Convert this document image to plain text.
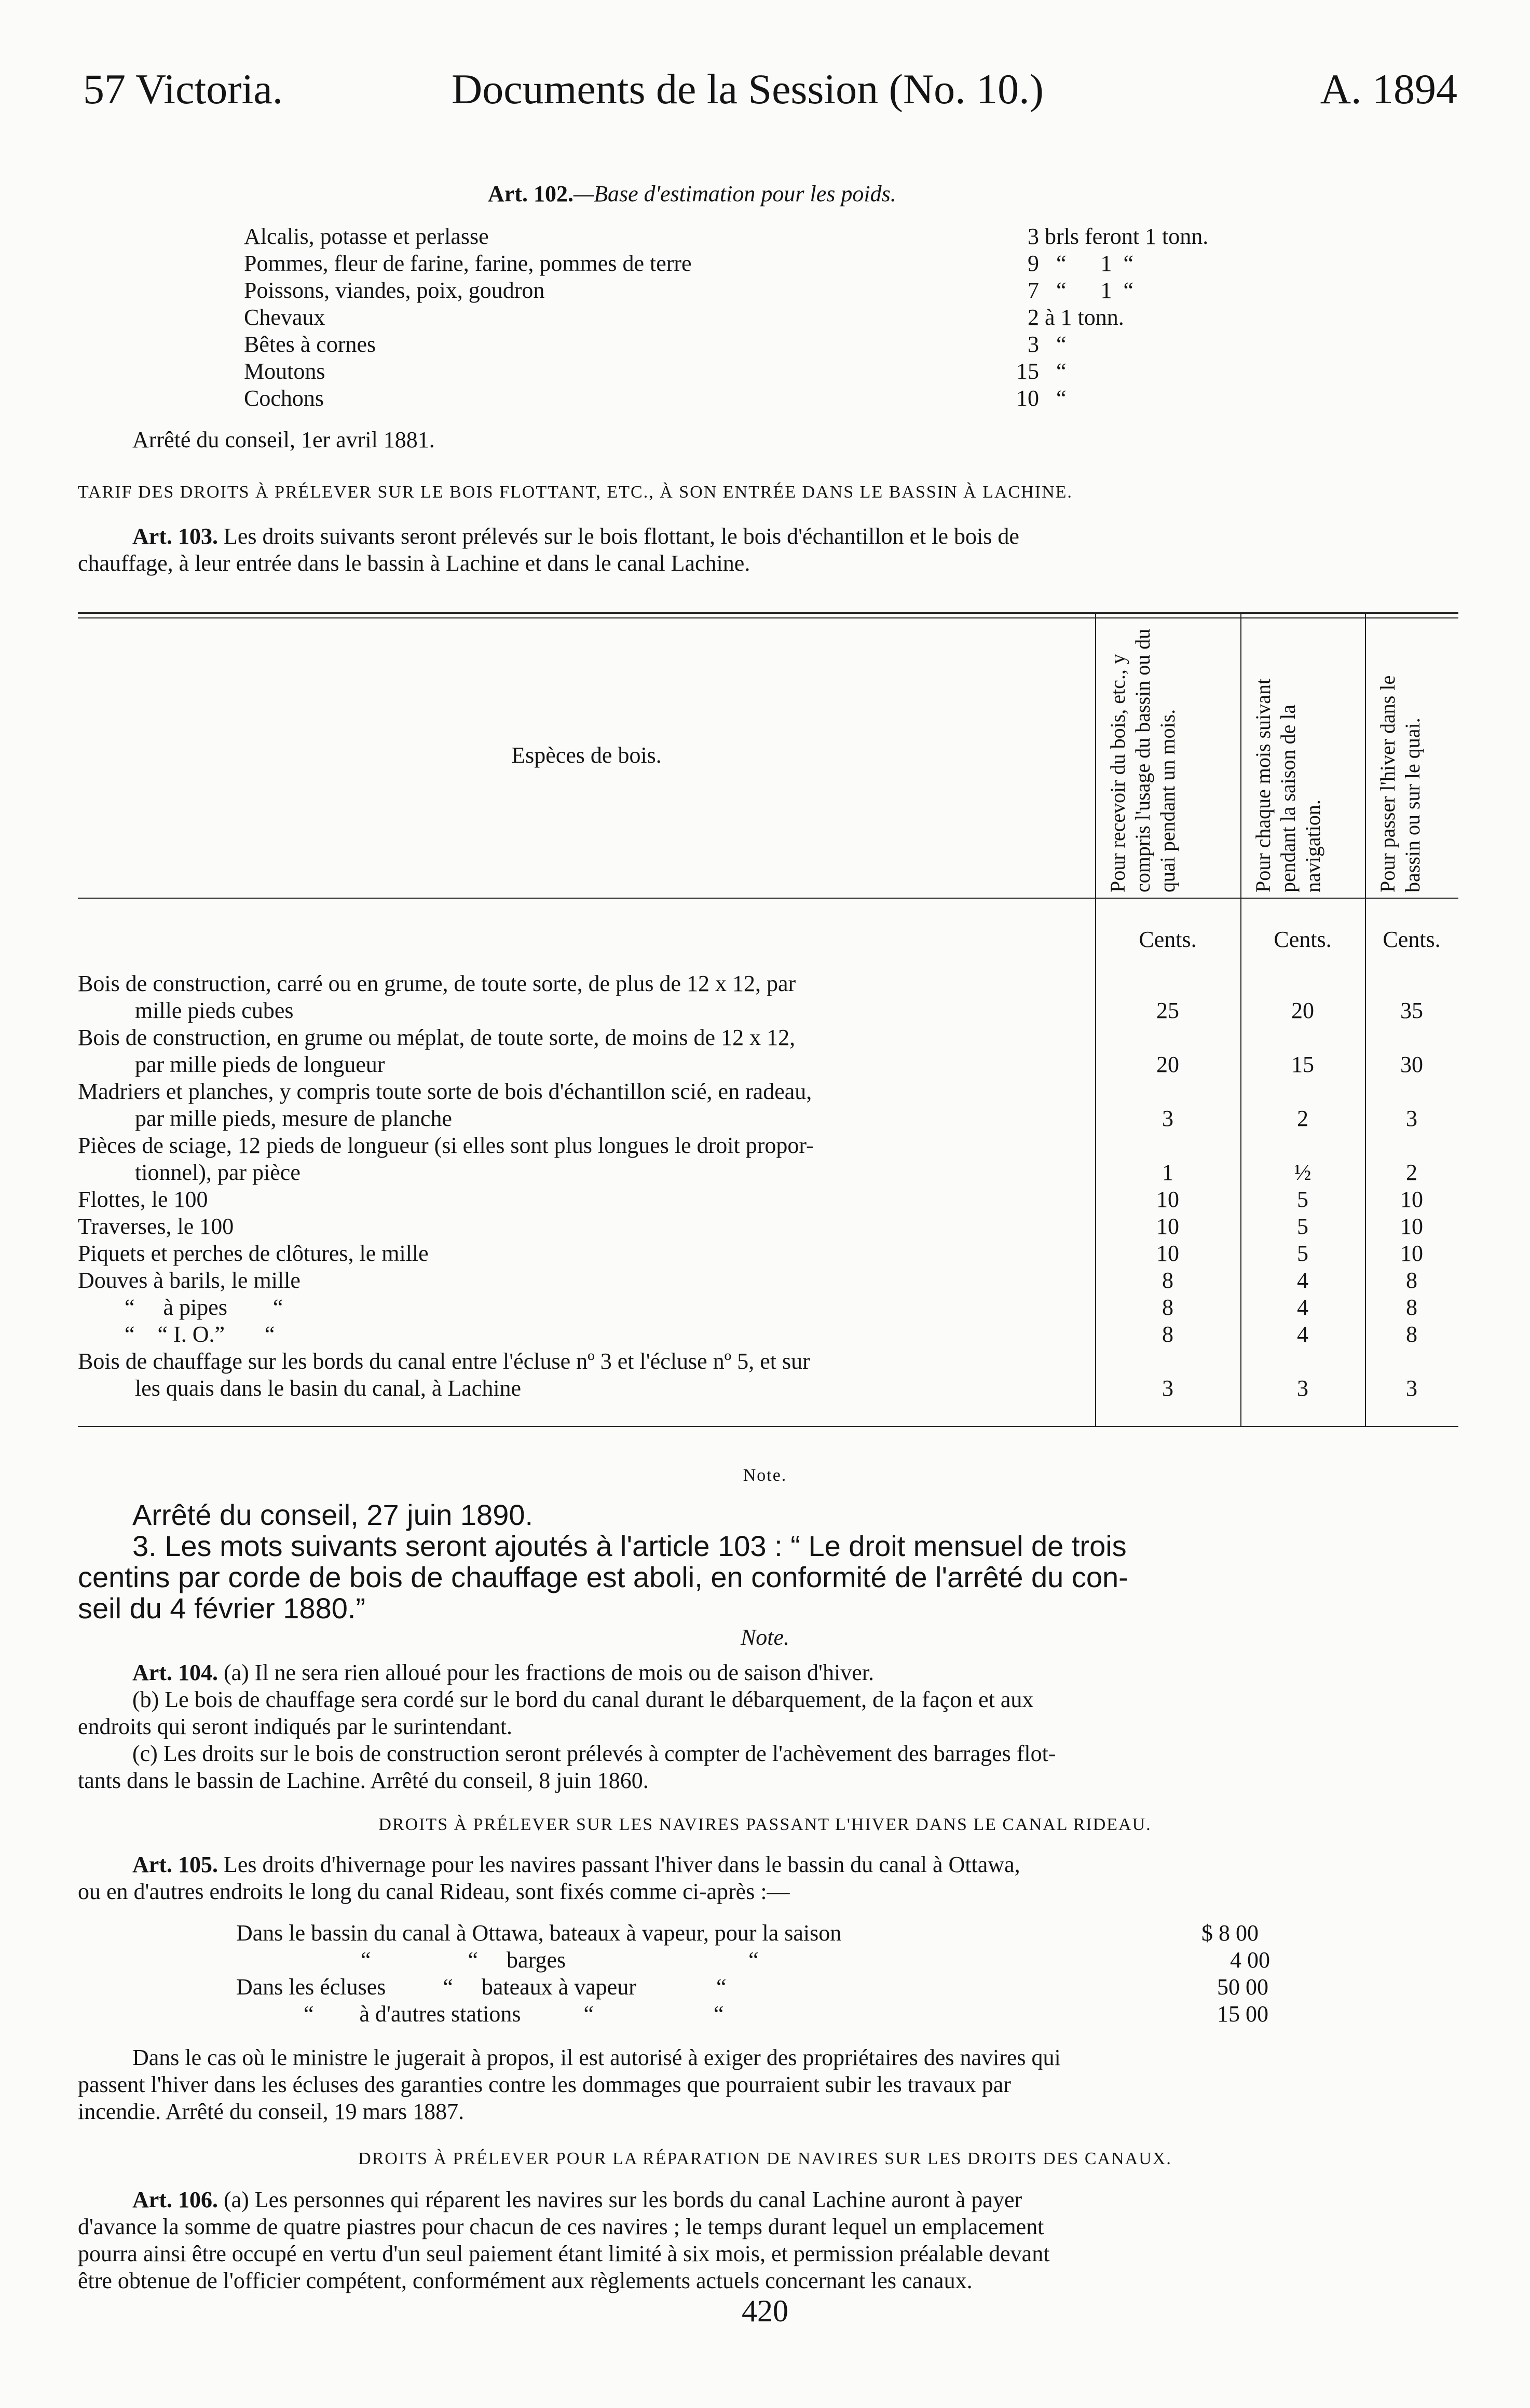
57 Victoria.	Documents de la Session (No. 10.)	A. 1894
Art. 102.—Base d'estimation pour les poids.
Alcalis, potasse et perlasse	3 brls feront 1 tonn.
Pommes, fleur de farine, farine, pommes de terre	9   “      1  “
Poissons, viandes, poix, goudron	7   “      1  “
Chevaux	2 à 1 tonn.
Bêtes à cornes	3   “
Moutons	15   “
Cochons	10   “
Arrêté du conseil, 1er avril 1881.
TARIF DES DROITS À PRÉLEVER SUR LE BOIS FLOTTANT, ETC., À SON ENTRÉE DANS LE BASSIN À LACHINE.
Art. 103. Les droits suivants seront prélevés sur le bois flottant, le bois d'échantillon et le bois de
chauffage, à leur entrée dans le bassin à Lachine et dans le canal Lachine.
Espèces de bois.	Pour recevoir du bois, etc., y compris l'usage du bassin ou du quai pendant un mois.	Pour chaque mois suivant pendant la saison de la navigation.	Pour passer l'hiver dans le bassin ou sur le quai.
Cents.	Cents.	Cents.
Bois de construction, carré ou en grume, de toute sorte, de plus de 12 x 12, par
mille pieds cubes	25	20	35
Bois de construction, en grume ou méplat, de toute sorte, de moins de 12 x 12,
par mille pieds de longueur	20	15	30
Madriers et planches, y compris toute sorte de bois d'échantillon scié, en radeau,
par mille pieds, mesure de planche	3	2	3
Pièces de sciage, 12 pieds de longueur (si elles sont plus longues le droit propor-
tionnel), par pièce	1	½	2
Flottes, le 100	10	5	10
Traverses, le 100	10	5	10
Piquets et perches de clôtures, le mille	10	5	10
Douves à barils, le mille	8	4	8
“     à pipes        “	8	4	8
“    “ I. O.”       “	8	4	8
Bois de chauffage sur les bords du canal entre l'écluse nº 3 et l'écluse nº 5, et sur
les quais dans le basin du canal, à Lachine	3	3	3
Note.
Arrêté du conseil, 27 juin 1890.
3. Les mots suivants seront ajoutés à l'article 103 : “ Le droit mensuel de trois
centins par corde de bois de chauffage est aboli, en conformité de l'arrêté du con-
seil du 4 février 1880.”
Note.
Art. 104. (a) Il ne sera rien alloué pour les fractions de mois ou de saison d'hiver.
(b) Le bois de chauffage sera cordé sur le bord du canal durant le débarquement, de la façon et aux
endroits qui seront indiqués par le surintendant.
(c) Les droits sur le bois de construction seront prélevés à compter de l'achèvement des barrages flot-
tants dans le bassin de Lachine. Arrêté du conseil, 8 juin 1860.
DROITS À PRÉLEVER SUR LES NAVIRES PASSANT L'HIVER DANS LE CANAL RIDEAU.
Art. 105. Les droits d'hivernage pour les navires passant l'hiver dans le bassin du canal à Ottawa,
ou en d'autres endroits le long du canal Rideau, sont fixés comme ci-après :—
Dans le bassin du canal à Ottawa, bateaux à vapeur, pour la saison	$ 8 00
“                 “     barges                                “	4 00
Dans les écluses          “     bateaux à vapeur              “	50 00
“        à d'autres stations           “                     “	15 00
Dans le cas où le ministre le jugerait à propos, il est autorisé à exiger des propriétaires des navires qui
passent l'hiver dans les écluses des garanties contre les dommages que pourraient subir les travaux par
incendie. Arrêté du conseil, 19 mars 1887.
DROITS À PRÉLEVER POUR LA RÉPARATION DE NAVIRES SUR LES DROITS DES CANAUX.
Art. 106. (a) Les personnes qui réparent les navires sur les bords du canal Lachine auront à payer
d'avance la somme de quatre piastres pour chacun de ces navires ; le temps durant lequel un emplacement
pourra ainsi être occupé en vertu d'un seul paiement étant limité à six mois, et permission préalable devant
être obtenue de l'officier compétent, conformément aux règlements actuels concernant les canaux.
420
